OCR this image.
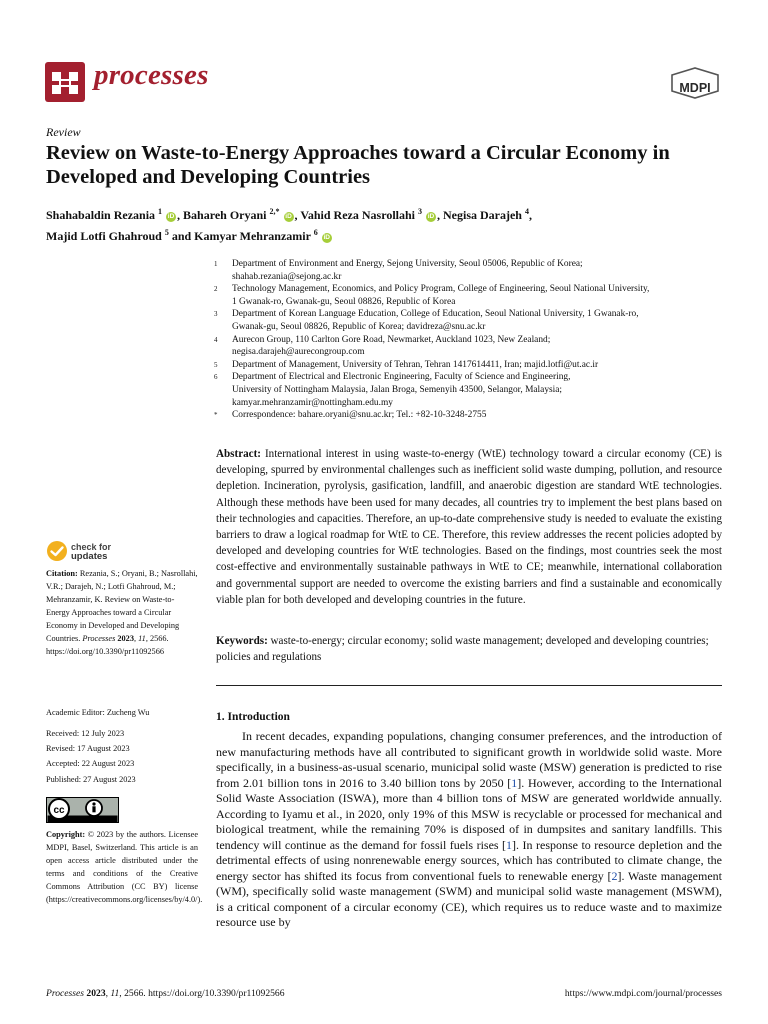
processes	MDPI
Review
Review on Waste-to-Energy Approaches toward a Circular Economy in Developed and Developing Countries
Shahabaldin Rezania $^1$ iD , Bahareh Oryani $^{2,*}$ iD , Vahid Reza Nasrollahi $^3$ iD , Negisa Darajeh $^4$,
Majid Lotfi Ghahroud $^5$ and Kamyar Mehranzamir $^6$ iD
1	Department of Environment and Energy, Sejong University, Seoul 05006, Republic of Korea;
shahab.rezania@sejong.ac.kr
2	Technology Management, Economics, and Policy Program, College of Engineering, Seoul National University,
1 Gwanak-ro, Gwanak-gu, Seoul 08826, Republic of Korea
3	Department of Korean Language Education, College of Education, Seoul National University, 1 Gwanak-ro,
Gwanak-gu, Seoul 08826, Republic of Korea; davidreza@snu.ac.kr
4	Aurecon Group, 110 Carlton Gore Road, Newmarket, Auckland 1023, New Zealand;
negisa.darajeh@aurecongroup.com
5	Department of Management, University of Tehran, Tehran 1417614411, Iran; majid.lotfi@ut.ac.ir
6	Department of Electrical and Electronic Engineering, Faculty of Science and Engineering,
University of Nottingham Malaysia, Jalan Broga, Semenyih 43500, Selangor, Malaysia;
kamyar.mehranzamir@nottingham.edu.my
*	Correspondence: bahare.oryani@snu.ac.kr; Tel.: +82-10-3248-2755
Abstract: International interest in using waste-to-energy (WtE) technology toward a circular economy (CE) is developing, spurred by environmental challenges such as inefficient solid waste dumping, pollution, and resource depletion. Incineration, pyrolysis, gasification, landfill, and anaerobic digestion are standard WtE technologies. Although these methods have been used for many decades, all countries try to implement the best plans based on their technologies and capacities. Therefore, an up-to-date comprehensive study is needed to evaluate the existing barriers to draw a logical roadmap for WtE to CE. Therefore, this review addresses the recent policies adopted by developed and developing countries for WtE technologies. Based on the findings, most countries seek the most cost-effective and environmentally sustainable pathways in WtE to CE; meanwhile, international collaboration and governmental support are needed to overcome the existing barriers and find a sustainable and economically viable plan for both developed and developing countries in the future.
Keywords: waste-to-energy; circular economy; solid waste management; developed and developing countries; policies and regulations
1. Introduction
In recent decades, expanding populations, changing consumer preferences, and the introduction of new manufacturing methods have all contributed to significant growth in worldwide solid waste. More specifically, in a business-as-usual scenario, municipal solid waste (MSW) generation is predicted to rise from 2.01 billion tons in 2016 to 3.40 billion tons by 2050 [1]. However, according to the International Solid Waste Association (ISWA), more than 4 billion tons of MSW are generated worldwide annually. According to Iyamu et al., in 2020, only 19% of this MSW is recyclable or processed for mechanical and biological treatment, while the remaining 70% is disposed of in dumpsites and sanitary landfills. This tendency will continue as the demand for fossil fuels rises [1]. In response to resource depletion and the detrimental effects of using nonrenewable energy sources, which has contributed to climate change, the energy sector has shifted its focus from conventional fuels to renewable energy [2]. Waste management (WM), specifically solid waste management (SWM) and municipal solid waste management (MSWM), is a critical component of a circular economy (CE), which requires us to reduce waste and to maximize resource use by
check for
updates
Citation: Rezania, S.; Oryani, B.; Nasrollahi, V.R.; Darajeh, N.; Lotfi Ghahroud, M.; Mehranzamir, K. Review on Waste-to-Energy Approaches toward a Circular Economy in Developed and Developing Countries. Processes 2023, 11, 2566. https://doi.org/10.3390/pr11092566
Academic Editor: Zucheng Wu
Received: 12 July 2023
Revised: 17 August 2023
Accepted: 22 August 2023
Published: 27 August 2023
cc
Copyright: © 2023 by the authors. Licensee MDPI, Basel, Switzerland. This article is an open access article distributed under the terms and conditions of the Creative Commons Attribution (CC BY) license (https://creativecommons.org/licenses/by/4.0/).
Processes 2023, 11, 2566. https://doi.org/10.3390/pr11092566	https://www.mdpi.com/journal/processes
